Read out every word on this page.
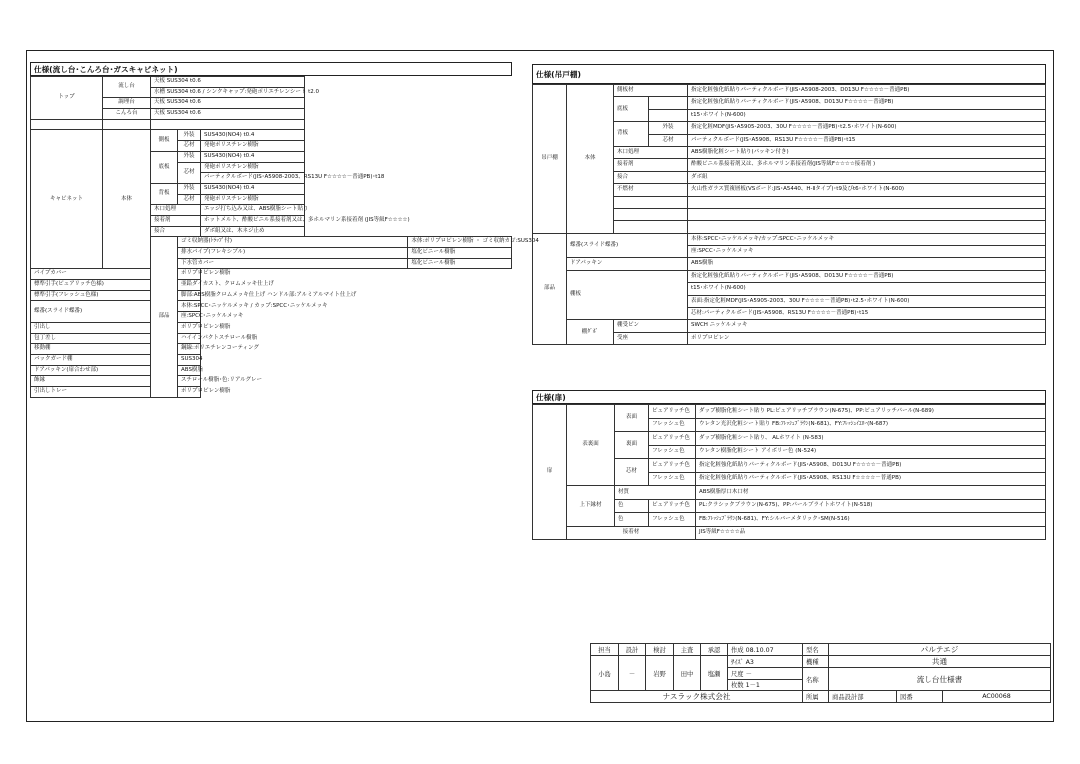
仕様(流し台･こんろ台･ガスキャビネット)
トップ	流し台	天板 SUS304 t0.6			
		水槽 SUS304 t0.6 / シンクキャップ:発砲ポリエチレンシート t2.0			
	調理台	天板 SUS304 t0.6			
	こんろ台	天板 SUS304 t0.6			

キャビネット	本体	側板	外装	SUS430(NO4) t0.4	
			芯材	発砲ポリスチレン樹脂	
		底板	外装	SUS430(NO4) t0.4	
			芯材	発砲ポリスチレン樹脂	
				パーティクルボード(JIS･A5908-2003、RS13U F☆☆☆☆－普通PB)･t18	
		背板	外装	SUS430(NO4) t0.4	
			芯材	発砲ポリスチレン樹脂	
		木口処理		エッジ打ち込み又は、ABS樹脂シート貼り	
		接着剤		ホットメルト、酢酸ビニル系接着剤又は、多ホルマリン系接着剤 (JIS等級F☆☆☆☆)	
		接合		ダボ組又は、木ネジ止め	
		部品	ゴミ収納器(ﾄﾗｯﾌﾟ付)		本体:ポリプロピレン樹脂 ・ ゴミ収納カゴ:SUS304
			排水パイプ(フレキシブル)		塩化ビニール樹脂
			下水管カバー		塩化ビニール樹脂
パイプカバー			ポリプロピレン樹脂		
標準引手(ピュアリッチ色様)			亜鉛ダイカスト、クロムメッキ仕上げ		
標準引手(フレッシュ色様)			脚部:ABS樹脂クロムメッキ仕上げ ハンドル部:アルミアルマイト仕上げ		
蝶番(スライド蝶番)			本体:SPCC･ニッケルメッキ / カップ:SPCC･ニッケルメッキ		
			座:SPCC･ニッケルメッキ		
引出し			ポリプロピレン樹脂		
包丁差し			ハイインパクトスチロール樹脂		
移動棚			鋼線:ポリエチレンコーティング		
バックガード棚			SUS304		
ドアパッキン(扉合わせ部)			ABS樹脂		
飾縁			スチロール樹脂･色:リアルグレー		
引出しトレー			ポリプロピレン樹脂		
仕様(吊戸棚)
吊戸棚	本体	側板材		指定化粧強化紙貼りパーティクルボード(JIS･A5908-2003、D013U F☆☆☆☆－普通PB)
		底板		指定化粧強化紙貼りパーティクルボード(JIS･A5908、D013U F☆☆☆☆－普通PB)
				t15･ホワイト(N-600)
		背板	外装	指定化粧MDF(JIS･A5905-2003、30U F☆☆☆☆－普通PB)･t2.5･ホワイト(N-600)
			芯材	パーティクルボード(JIS･A5908、RS13U F☆☆☆☆－普通PB)･t15
		木口処理		ABS樹脂化粧シート貼り(パッキン付き)
		接着剤		酢酸ビニル系接着剤又は、多ホルマリン系接着剤(JIS等級F☆☆☆☆接着剤 )
		接合		ダボ組
		不燃材		火山性ガラス質複層板(VSボード:JIS･A5440、H-Ⅱタイプ)･t9及びt6･ホワイト(N-600)

部品	蝶番(スライド蝶番)			本体:SPCC･ニッケルメッキ/カップ:SPCC･ニッケルメッキ
				座:SPCC･ニッケルメッキ
	ドアパッキン			ABS樹脂
	棚板			指定化粧強化紙貼りパーティクルボード(JIS･A5908、D013U F☆☆☆☆－普通PB)
				t15･ホワイト(N-600)
				表面:指定化粧MDF(JIS･A5905-2003、30U F☆☆☆☆－普通PB)･t2.5･ホワイト(N-600)
				芯材:パーティクルボード(JIS･A5908、RS13U F☆☆☆☆－普通PB)･t15
	棚ﾀﾞﾎﾞ	棚受ピン		SWCH ニッケルメッキ
		受座		ポリプロピレン
仕様(扉)
扉	表裏面	表面	ピュアリッチ色	ダップ樹脂化粧シート貼り PL:ピュアリッチブラウン(N-675)、PP:ピュアリッチパール(N-689)
			フレッシュ色	ウレタン光沢化粧シート貼り FB:ﾌﾚｯｼｭﾌﾞﾗｳﾝ(N-681)、FY:ﾌﾚｯｼｭｲｴﾛｰ(N-687)
		裏面	ピュアリッチ色	ダップ樹脂化粧シート貼り、 ALホワイト (N-583)
			フレッシュ色	ウレタン樹脂化粧シート アイボリー色 (N-524)
		芯材	ピュアリッチ色	指定化粧強化紙貼りパーティクルボード(JIS･A5908、D013U F☆☆☆☆－普通PB)
			フレッシュ色	指定化粧強化紙貼りパーティクルボード(JIS･A5908、RS13U F☆☆☆☆－普通PB)
	上下縁材	材質		ABS樹脂厚口木口材
		色	ピュアリッチ色	PL:クラシックブラウン(N-675)、PP:パールブライトホワイト(N-518)
		色	フレッシュ色	FB:ﾌﾚｯｼｭﾌﾞﾗｳﾝ(N-681)、FY:シルバーメタリック･SM(N-516)
	接着材			JIS等級F☆☆☆☆品
担当	設計	検討	主査	承認	作成 08.10.07	型名	パルテエジ		
小島	－	岩野	田中	塩瀬	ｻｲｽﾞ A3	機種	共通		
					尺度 －	名称	流し台仕様書		
					枚数 1－1				
ナスラック株式会社						所属	商品設計部	図番	AC00068
